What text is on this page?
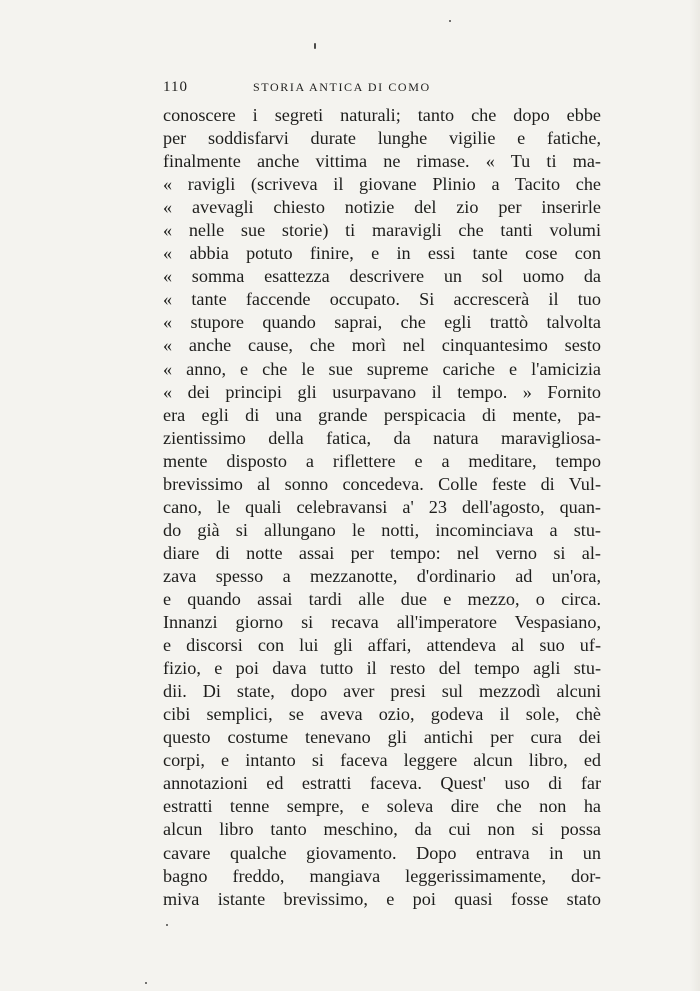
110	STORIA ANTICA DI COMO
conoscere i segreti naturali; tanto che dopo ebbe
per soddisfarvi durate lunghe vigilie e fatiche,
finalmente anche vittima ne rimase. « Tu ti ma-
« ravigli (scriveva il giovane Plinio a Tacito che
« avevagli chiesto notizie del zio per inserirle
« nelle sue storie) ti maravigli che tanti volumi
« abbia potuto finire, e in essi tante cose con
« somma esattezza descrivere un sol uomo da
« tante faccende occupato. Si accrescerà il tuo
« stupore quando saprai, che egli trattò talvolta
« anche cause, che morì nel cinquantesimo sesto
« anno, e che le sue supreme cariche e l'amicizia
« dei principi gli usurpavano il tempo. » Fornito
era egli di una grande perspicacia di mente, pa-
zientissimo della fatica, da natura maravigliosa-
mente disposto a riflettere e a meditare, tempo
brevissimo al sonno concedeva. Colle feste di Vul-
cano, le quali celebravansi a' 23 dell'agosto, quan-
do già si allungano le notti, incominciava a stu-
diare di notte assai per tempo: nel verno si al-
zava spesso a mezzanotte, d'ordinario ad un'ora,
e quando assai tardi alle due e mezzo, o circa.
Innanzi giorno si recava all'imperatore Vespasiano,
e discorsi con lui gli affari, attendeva al suo uf-
fizio, e poi dava tutto il resto del tempo agli stu-
dii. Di state, dopo aver presi sul mezzodì alcuni
cibi semplici, se aveva ozio, godeva il sole, chè
questo costume tenevano gli antichi per cura dei
corpi, e intanto si faceva leggere alcun libro, ed
annotazioni ed estratti faceva. Quest' uso di far
estratti tenne sempre, e soleva dire che non ha
alcun libro tanto meschino, da cui non si possa
cavare qualche giovamento. Dopo entrava in un
bagno freddo, mangiava leggerissimamente, dor-
miva istante brevissimo, e poi quasi fosse stato
